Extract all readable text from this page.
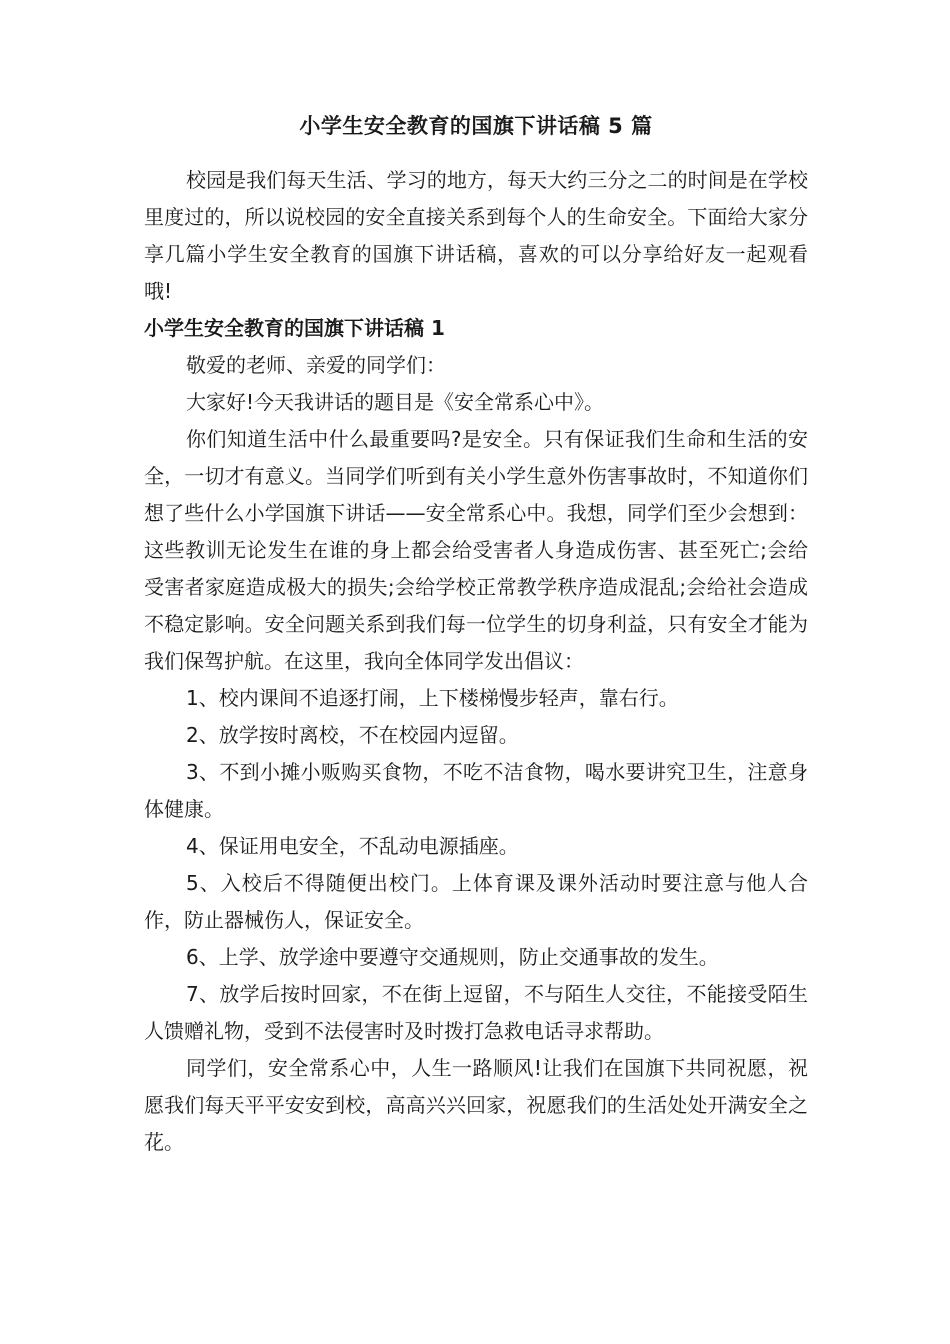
小学生安全教育的国旗下讲话稿 5 篇

校园是我们每天生活、学习的地方，每天大约三分之二的时间是在学校里度过的，所以说校园的安全直接关系到每个人的生命安全。下面给大家分享几篇小学生安全教育的国旗下讲话稿，喜欢的可以分享给好友一起观看哦!

小学生安全教育的国旗下讲话稿 1

敬爱的老师、亲爱的同学们：

大家好!今天我讲话的题目是《安全常系心中》。

你们知道生活中什么最重要吗?是安全。只有保证我们生命和生活的安全，一切才有意义。当同学们听到有关小学生意外伤害事故时，不知道你们想了些什么小学国旗下讲话——安全常系心中。我想，同学们至少会想到：这些教训无论发生在谁的身上都会给受害者人身造成伤害、甚至死亡;会给受害者家庭造成极大的损失;会给学校正常教学秩序造成混乱;会给社会造成不稳定影响。安全问题关系到我们每一位学生的切身利益，只有安全才能为我们保驾护航。在这里，我向全体同学发出倡议：

1、校内课间不追逐打闹，上下楼梯慢步轻声，靠右行。

2、放学按时离校，不在校园内逗留。

3、不到小摊小贩购买食物，不吃不洁食物，喝水要讲究卫生，注意身体健康。

4、保证用电安全，不乱动电源插座。

5、入校后不得随便出校门。上体育课及课外活动时要注意与他人合作，防止器械伤人，保证安全。

6、上学、放学途中要遵守交通规则，防止交通事故的发生。

7、放学后按时回家，不在街上逗留，不与陌生人交往，不能接受陌生人馈赠礼物，受到不法侵害时及时拨打急救电话寻求帮助。

同学们，安全常系心中，人生一路顺风!让我们在国旗下共同祝愿，祝愿我们每天平平安安到校，高高兴兴回家，祝愿我们的生活处处开满安全之花。
